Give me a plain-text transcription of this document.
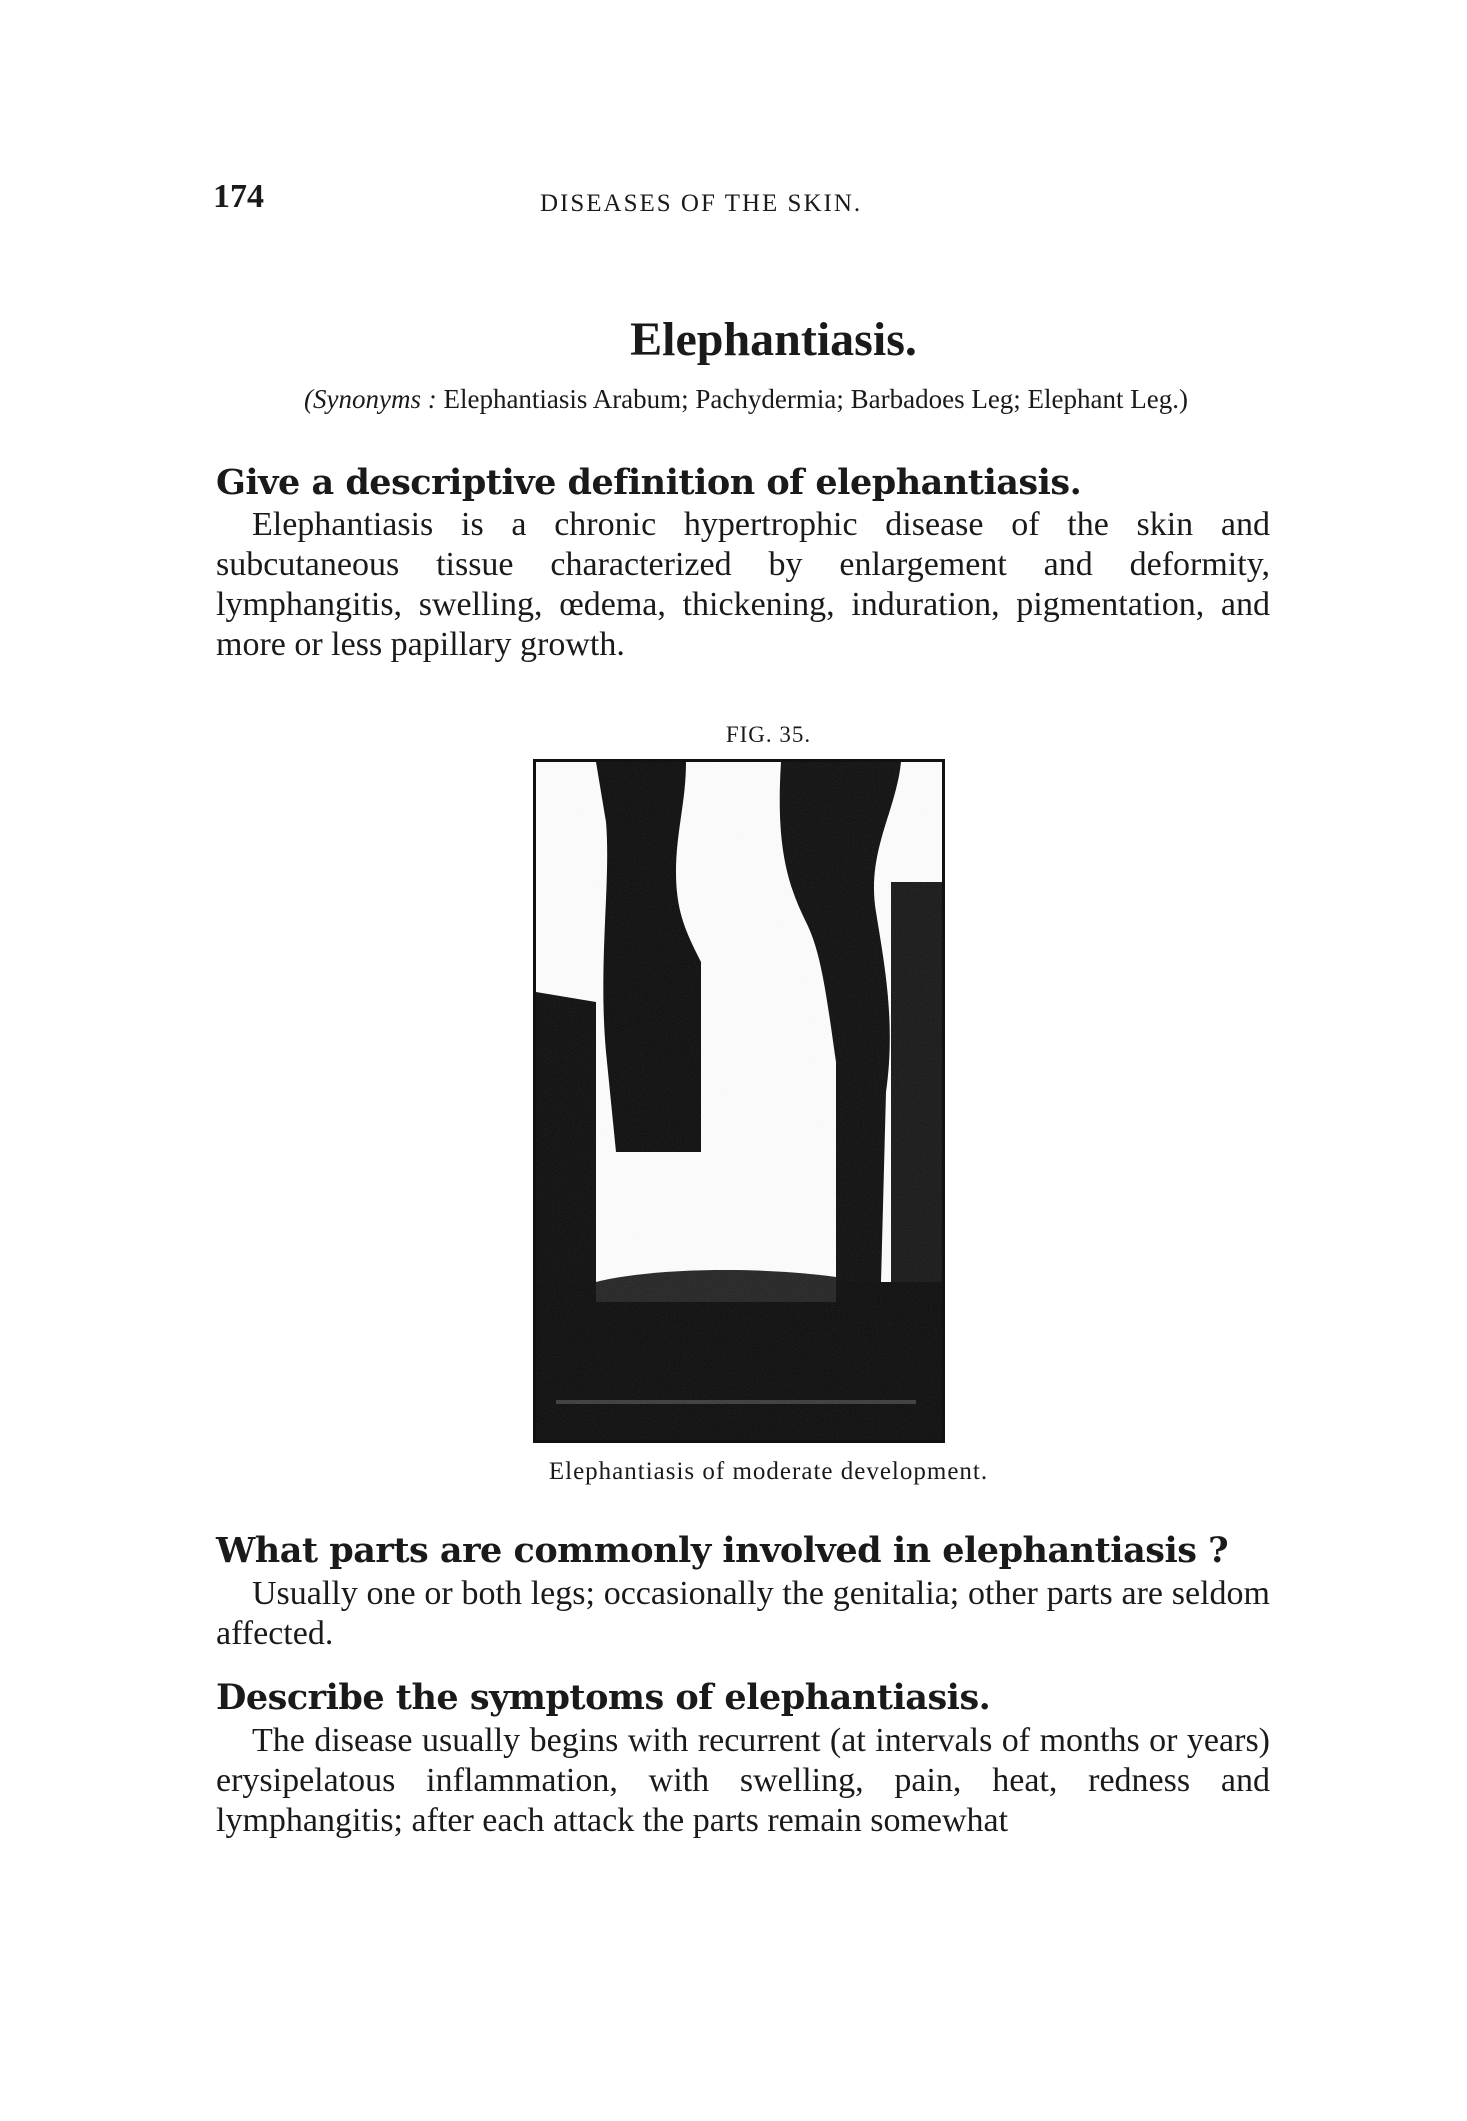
174	DISEASES OF THE SKIN.
Elephantiasis.
(Synonyms : Elephantiasis Arabum; Pachydermia; Barbadoes Leg; Elephant Leg.)
Give a descriptive definition of elephantiasis.
Elephantiasis is a chronic hypertrophic disease of the skin and subcutaneous tissue characterized by enlargement and deformity, lymphangitis, swelling, œdema, thickening, induration, pigmentation, and more or less papillary growth.
FIG. 35.
Elephantiasis of moderate development.
What parts are commonly involved in elephantiasis ?
Usually one or both legs; occasionally the genitalia; other parts are seldom affected.
Describe the symptoms of elephantiasis.
The disease usually begins with recurrent (at intervals of months or years) erysipelatous inflammation, with swelling, pain, heat, redness and lymphangitis; after each attack the parts remain somewhat
